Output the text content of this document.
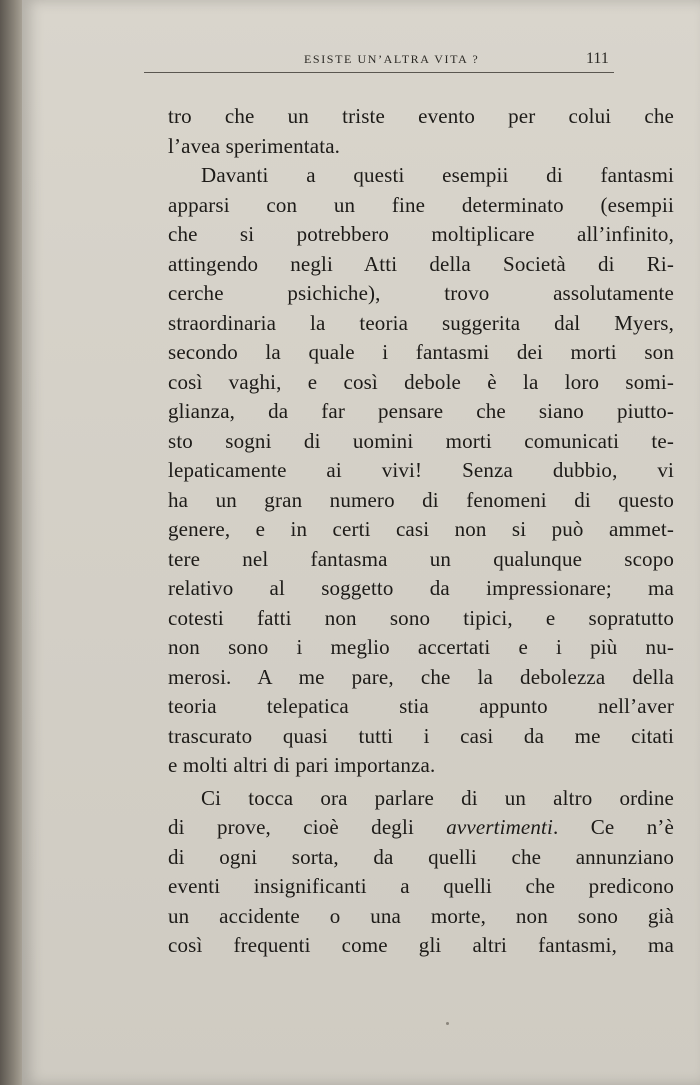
ESISTE UN’ALTRA VITA ?	111
tro che un triste evento per colui che
l’avea sperimentata.
Davanti a questi esempii di fantasmi
apparsi con un fine determinato (esempii
che si potrebbero moltiplicare all’infinito,
attingendo negli Atti della Società di Ri-
cerche psichiche), trovo assolutamente
straordinaria la teoria suggerita dal Myers,
secondo la quale i fantasmi dei morti son
così vaghi, e così debole è la loro somi-
glianza, da far pensare che siano piutto-
sto sogni di uomini morti comunicati te-
lepaticamente ai vivi! Senza dubbio, vi
ha un gran numero di fenomeni di questo
genere, e in certi casi non si può ammet-
tere nel fantasma un qualunque scopo
relativo al soggetto da impressionare; ma
cotesti fatti non sono tipici, e sopratutto
non sono i meglio accertati e i più nu-
merosi. A me pare, che la debolezza della
teoria telepatica stia appunto nell’aver
trascurato quasi tutti i casi da me citati
e molti altri di pari importanza.
Ci tocca ora parlare di un altro ordine
di prove, cioè degli avvertimenti. Ce n’è
di ogni sorta, da quelli che annunziano
eventi insignificanti a quelli che predicono
un accidente o una morte, non sono già
così frequenti come gli altri fantasmi, ma
